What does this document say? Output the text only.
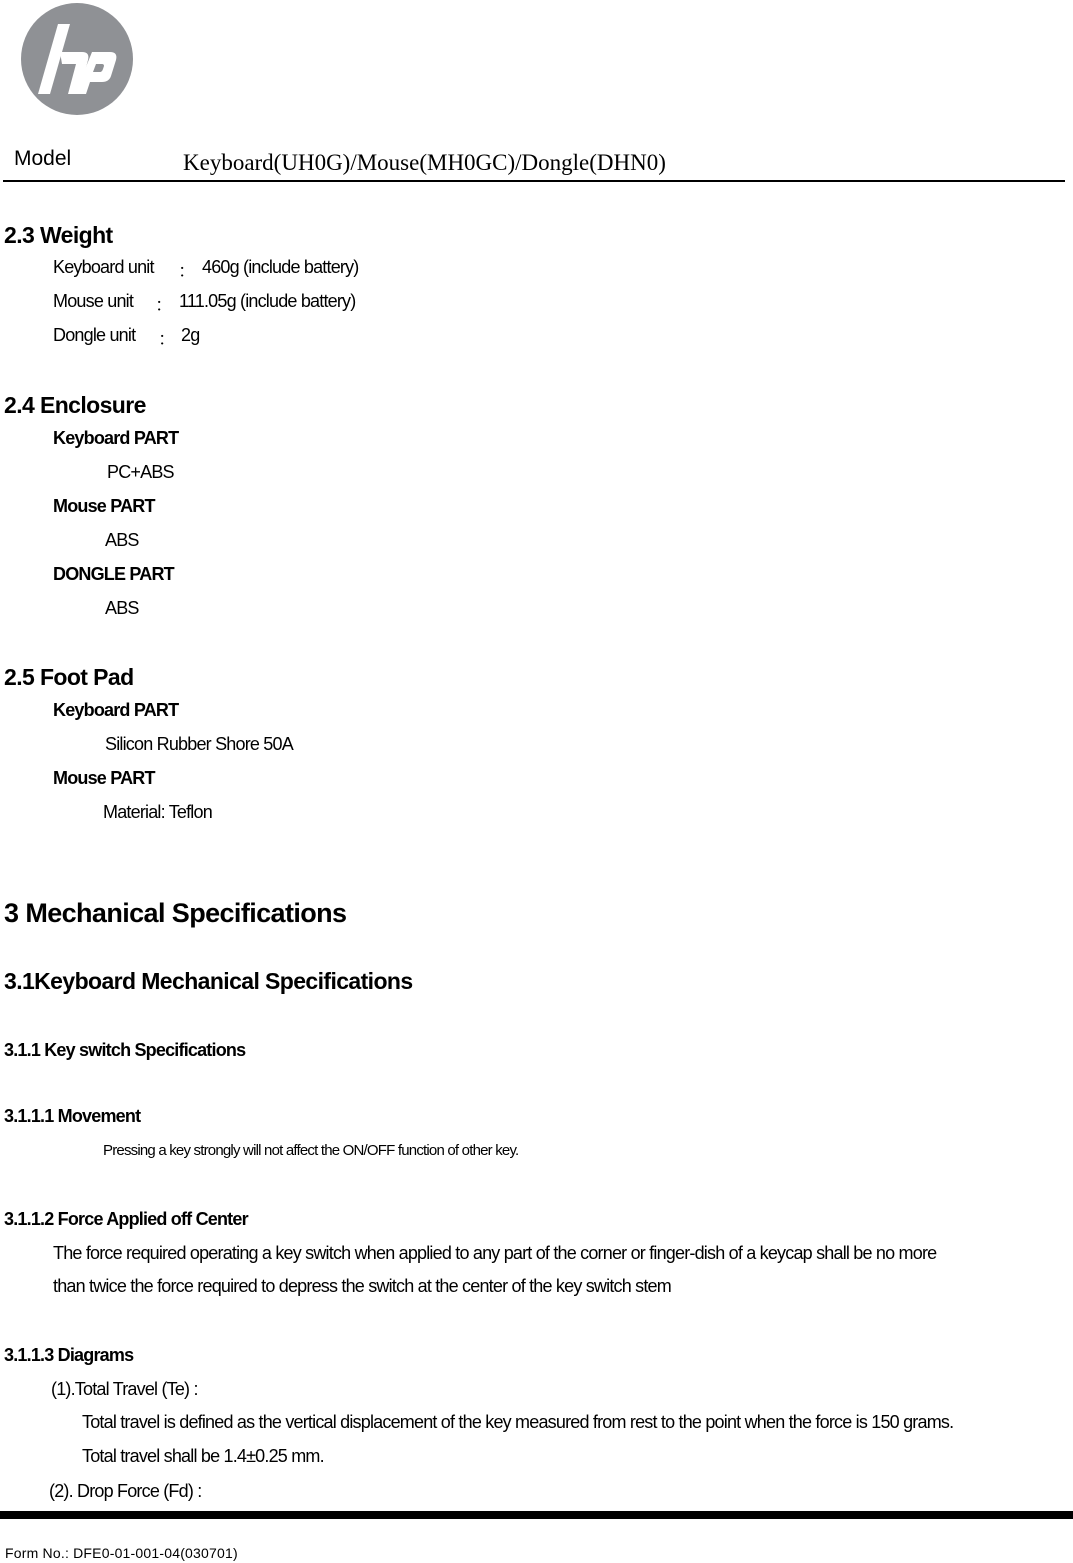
Model	Keyboard(UH0G)/Mouse(MH0GC)/Dongle(DHN0)
2.3 Weight
Keyboard unit ： 460g (include battery)
Mouse unit ： 111.05g (include battery)
Dongle unit ： 2g
2.4 Enclosure
Keyboard PART
PC+ABS
Mouse PART
ABS
DONGLE PART
ABS
2.5 Foot Pad
Keyboard PART
Silicon Rubber Shore 50A
Mouse PART
Material: Teflon
3 Mechanical Specifications
3.1Keyboard Mechanical Specifications
3.1.1 Key switch Specifications
3.1.1.1 Movement
Pressing a key strongly will not affect the ON/OFF function of other key.
3.1.1.2 Force Applied off Center
The force required operating a key switch when applied to any part of the corner or finger-dish of a keycap shall be no more
than twice the force required to depress the switch at the center of the key switch stem
3.1.1.3 Diagrams
(1).Total Travel (Te) :
Total travel is defined as the vertical displacement of the key measured from rest to the point when the force is 150 grams.
Total travel shall be 1.4±0.25 mm.
(2). Drop Force (Fd) :
Form No.: DFE0-01-001-04(030701)
